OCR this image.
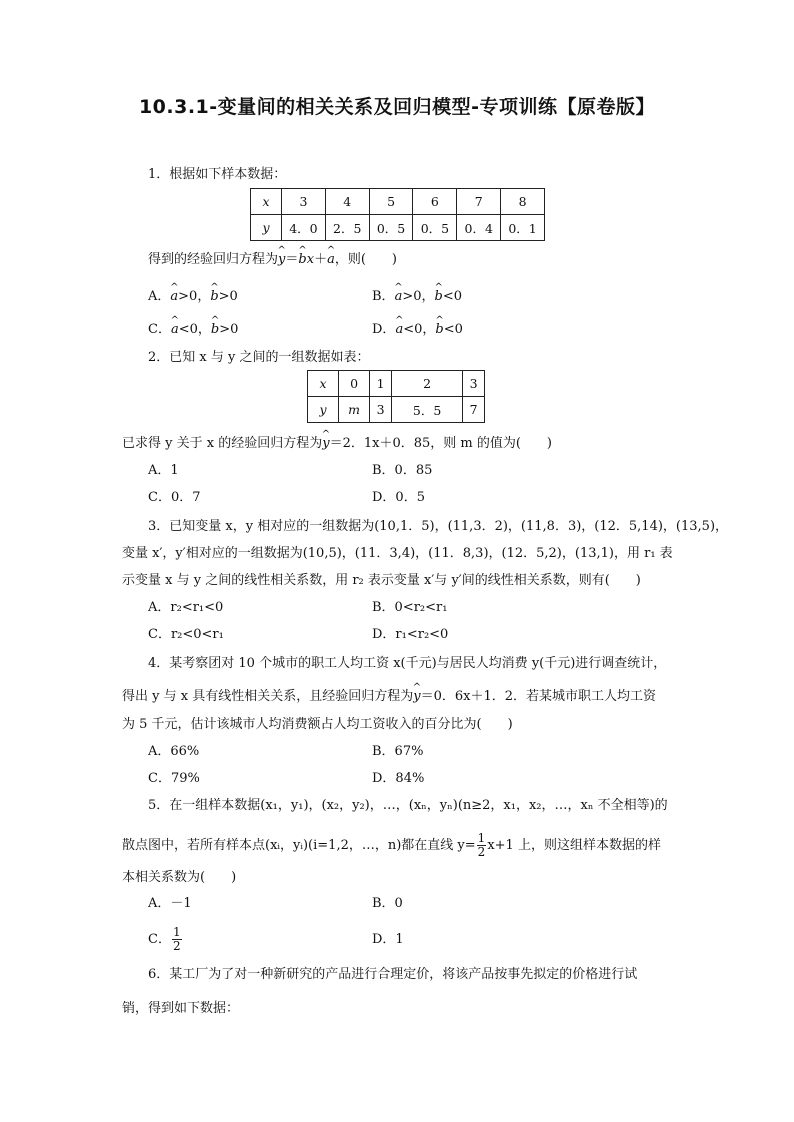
10.3.1-变量间的相关关系及回归模型-专项训练【原卷版】
1．根据如下样本数据：
x	3	4	5	6	7	8
y	4．0	2．5	0．5	0．5	0．4	0．1
得到的经验回归方程为^ y＝^ bx＋^ a，则(　　)
A．^ a>0，^ b>0	B．^ a>0，^ b<0
C．^ a<0，^ b>0	D．^ a<0，^ b<0
2．已知 x 与 y 之间的一组数据如表：
x	0	1	2	3
y	m	3	5．5	7
已求得 y 关于 x 的经验回归方程为^ y＝2．1x＋0．85，则 m 的值为(　　)
A．1	B．0．85
C．0．7	D．0．5
3．已知变量 x，y 相对应的一组数据为(10,1．5)，(11,3．2)，(11,8．3)，(12．5,14)，(13,5)，
变量 x′，y′相对应的一组数据为(10,5)，(11．3,4)，(11．8,3)，(12．5,2)，(13,1)，用 r₁ 表
示变量 x 与 y 之间的线性相关系数，用 r₂ 表示变量 x′与 y′间的线性相关系数，则有(　　)
A．r₂<r₁<0	B．0<r₂<r₁
C．r₂<0<r₁	D．r₁<r₂<0
4．某考察团对 10 个城市的职工人均工资 x(千元)与居民人均消费 y(千元)进行调查统计，
得出 y 与 x 具有线性相关关系，且经验回归方程为^ y＝0．6x＋1．2．若某城市职工人均工资
为 5 千元，估计该城市人均消费额占人均工资收入的百分比为(　　)
A．66%	B．67%
C．79%	D．84%
5．在一组样本数据(x₁，y₁)，(x₂，y₂)，…，(xₙ，yₙ)(n≥2，x₁，x₂，…，xₙ 不全相等)的
散点图中，若所有样本点(xᵢ，yᵢ)(i=1,2，…，n)都在直线 $y= \frac{1}{2} x+1$ 上，则这组样本数据的样
本相关系数为(　　)
A．－1	B．0
C． $\frac{1}{2}$	D．1
6．某工厂为了对一种新研究的产品进行合理定价，将该产品按事先拟定的价格进行试
销，得到如下数据：
